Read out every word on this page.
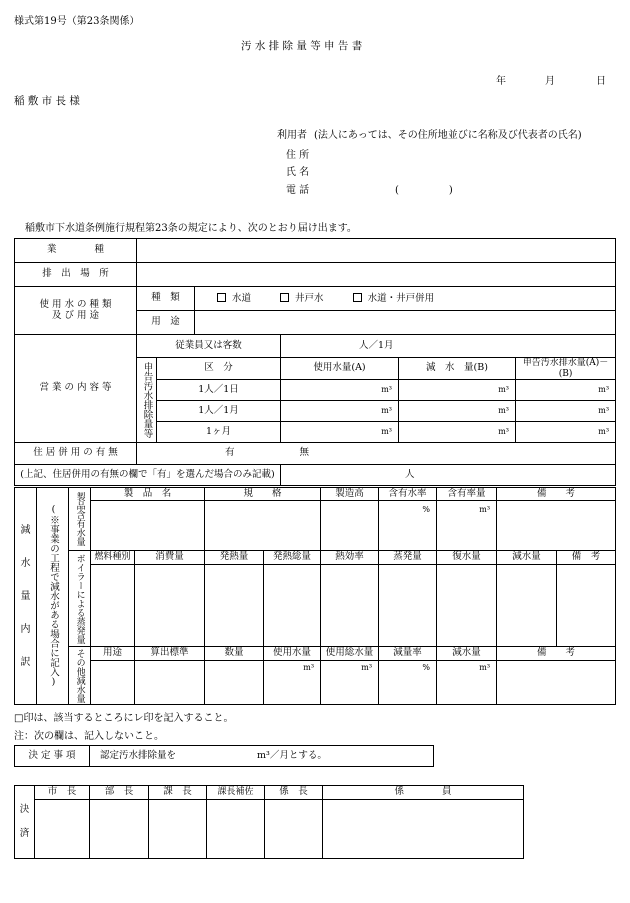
様式第19号（第23条関係）
汚 水 排 除 量 等 申 告 書
年	月	日
稲 敷 市 長 様
利用者 (法人にあっては、その住所地並びに名称及び代表者の氏名)
住 所
氏 名
電 話	(　　　　　)
稲敷市下水道条例施行規程第23条の規定により、次のとおり届け出ます。
業　　　　種						
排　出　場　所						
使 用 水 の 種 類
及 び 用 途	種　類		水道 井戸水 水道・井戸併用			
	用　途					
営 業 の 内 容 等	従業員又は客数			人／1月		

	申告汚水排除量等	区　分		使用水量(A)	減　水　量(B)	申告汚水排水量(A)－(B)
		1人／1日		m³	m³	m³
		1人／1月		m³	m³	m³
		1ヶ月		m³	m³	m³
住 居 併 用 の 有 無	有 無					
(上記、住居併用の有無の欄で「有」を選んだ場合のみ記載)				人		
減
水
量
内
訳	(※事業の工程で減水がある場合に記入)	製品含有水量	製　品　名		規　　格		製造高	含有水率	含有率量	備　　考	
								%	m³		

		ボイラーによる蒸発量	燃料種別	消費量	発熱量	発熱総量	熱効率	蒸発量	復水量	減水量	備　考

		その他減水量	用途	算出標準	数量	使用水量	使用総水量	減量率	減水量	備　　考	
						m³	m³	%	m³		
□印は、該当するところにレ印を記入すること。
注：次の欄は、記入しないこと。
決 定 事 項	認定汚水排除量を	m³／月とする。
決
済	市　長	部　長	課　長	課長補佐	係　長	係　　　　員
